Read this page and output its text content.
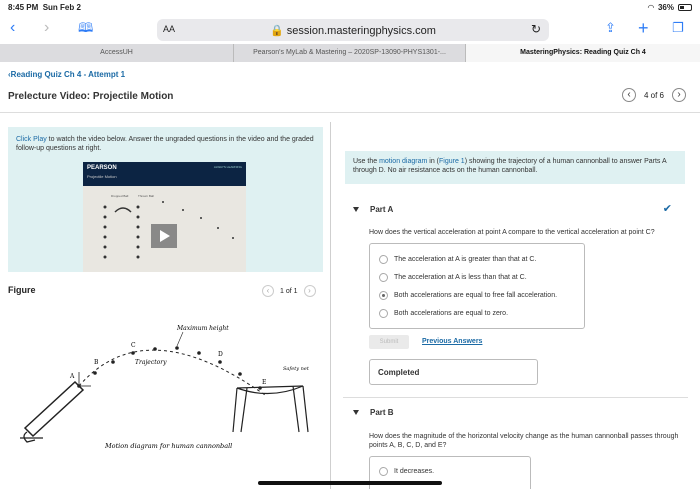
8:45 PM Sun Feb 2	◠ 36%
‹ › 🕮	AA	🔒 session.masteringphysics.com	↻	⇪ + ❐
AccessUH	Pearson's MyLab & Mastering – 2020SP-13090-PHYS1301-...	MasteringPhysics: Reading Quiz Ch 4
‹Reading Quiz Ch 4 - Attempt 1
Prelecture Video: Projectile Motion	‹	4 of 6	›
Click Play to watch the video below. Answer the ungraded questions in the video and the graded follow-up questions at right.
PEARSON
Projectile Motion
ALWAYS LEARNING
Dropped Ball	Thrown Ball
Figure	‹	1 of 1	›
A
B
C
D
E
Maximum height
Trajectory
Safety net
Motion diagram for human cannonball
Use the motion diagram in (Figure 1) showing the trajectory of a human cannonball to answer Parts A through D. No air resistance acts on the human cannonball.
Part A	✔
How does the vertical acceleration at point A compare to the vertical acceleration at point C?
The acceleration at A is greater than that at C.
The acceleration at A is less than that at C.
Both accelerations are equal to free fall acceleration.
Both accelerations are equal to zero.
Submit	Previous Answers
Completed
Part B
How does the magnitude of the horizontal velocity change as the human cannonball passes through points A, B, C, D, and E?
It decreases.
